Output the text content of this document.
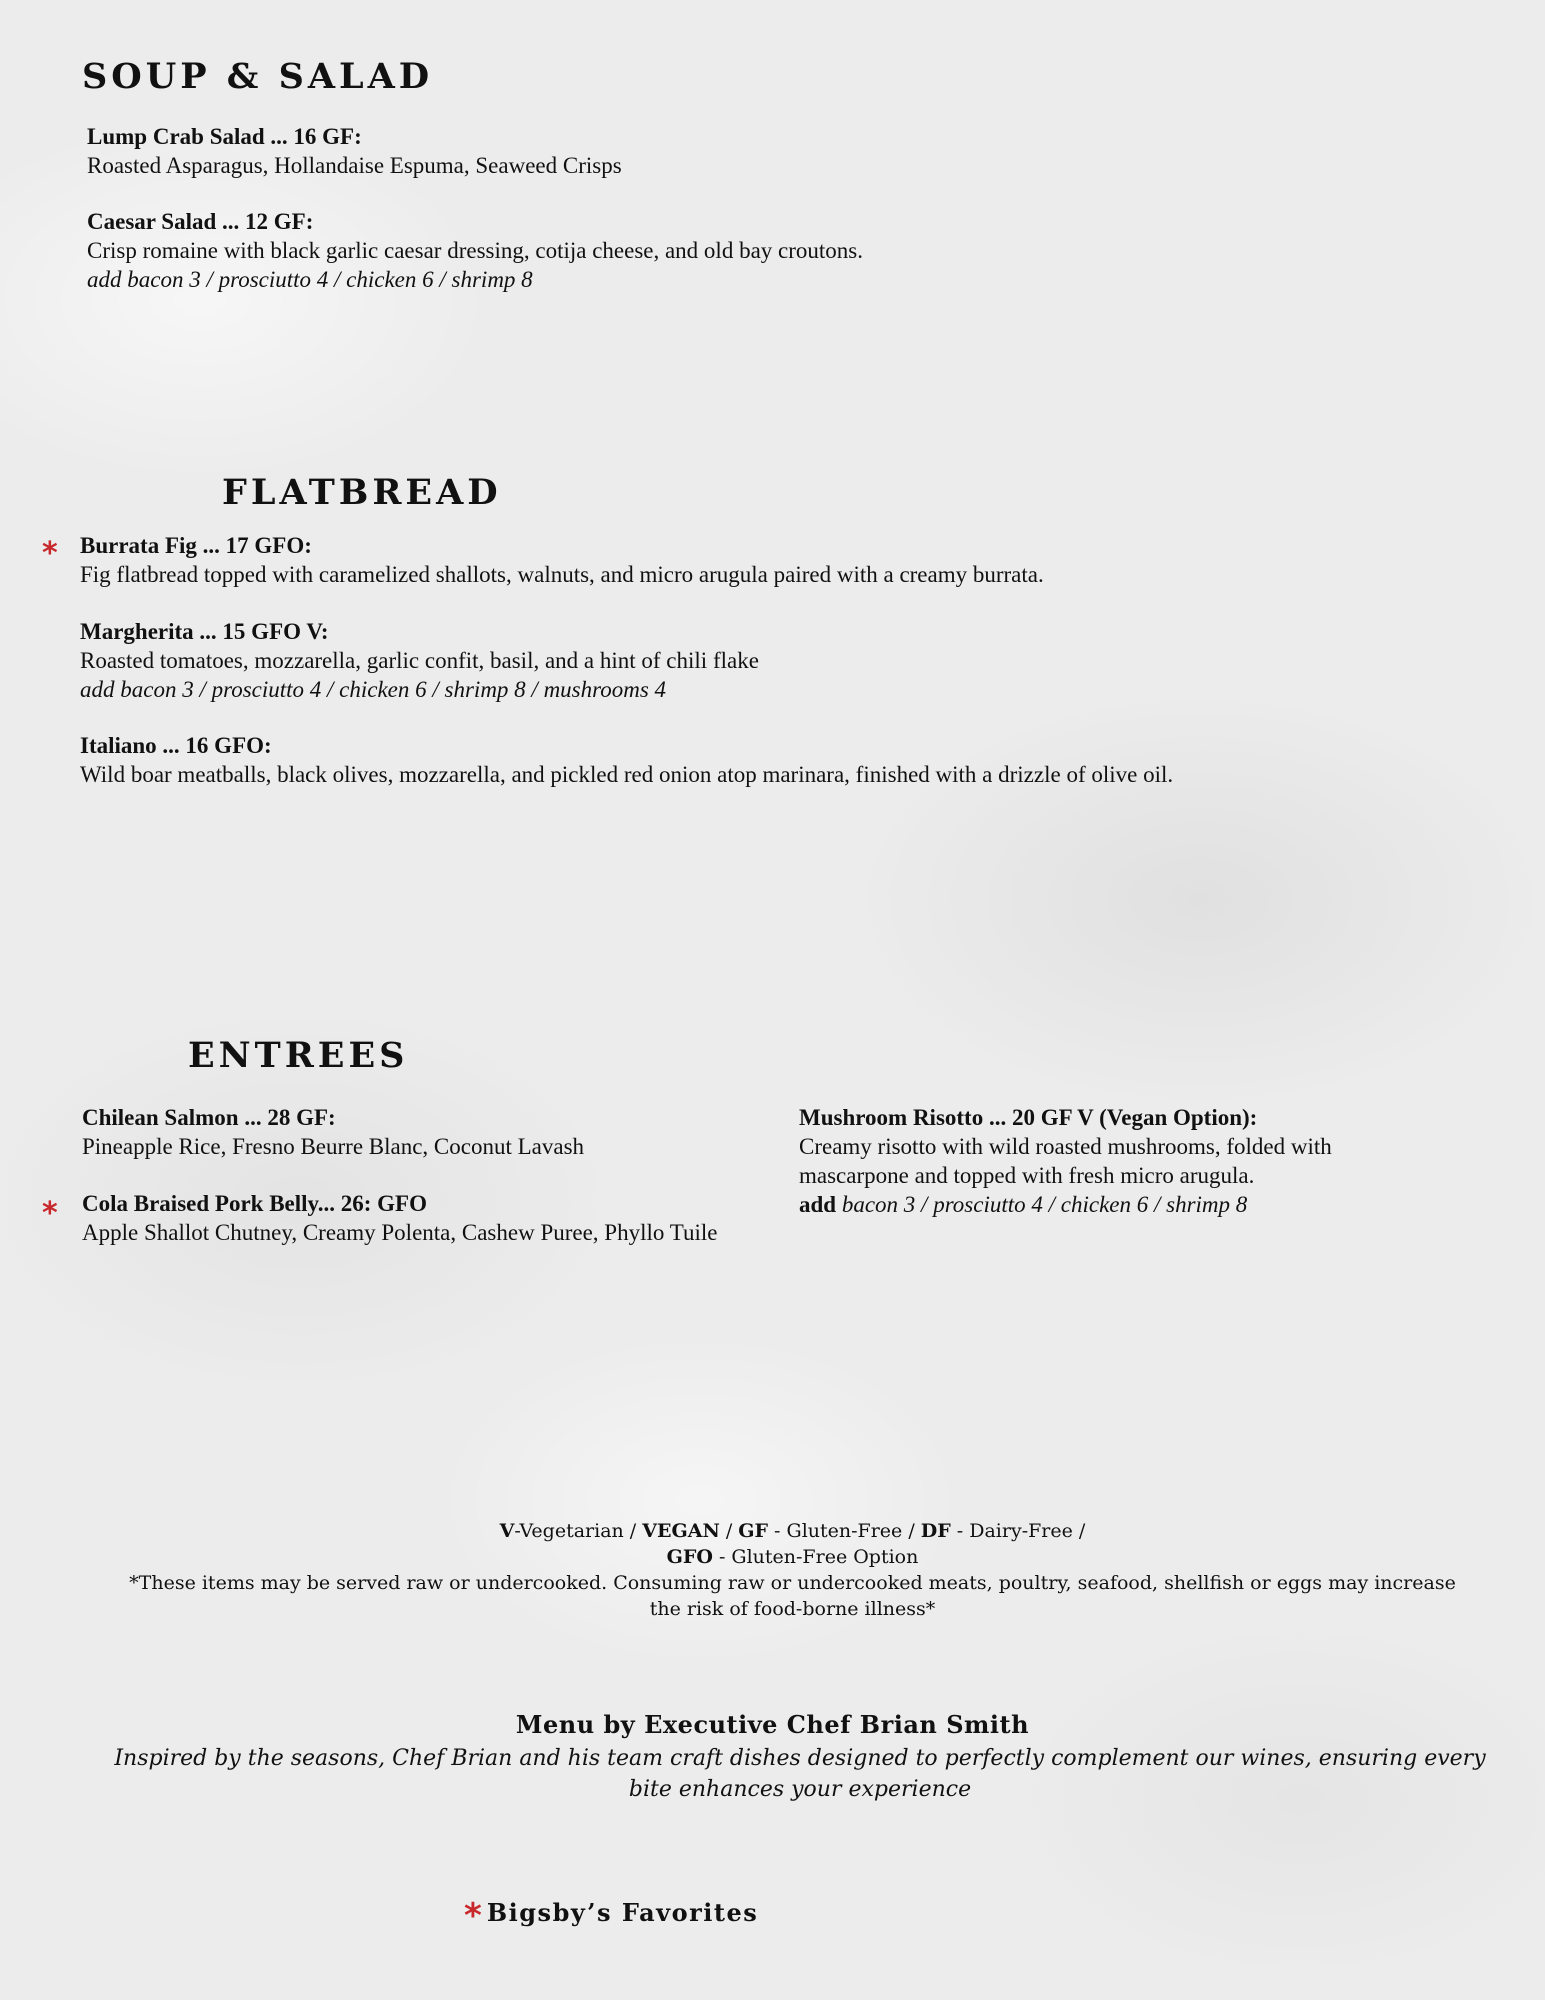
SOUP & SALAD
Lump Crab Salad ... 16 GF:
Roasted Asparagus, Hollandaise Espuma, Seaweed Crisps
Caesar Salad ... 12 GF:
Crisp romaine with black garlic caesar dressing, cotija cheese, and old bay croutons.
add bacon 3 / prosciutto 4 / chicken 6 / shrimp 8
FLATBREAD
* Burrata Fig ... 17 GFO:
Fig flatbread topped with caramelized shallots, walnuts, and micro arugula paired with a creamy burrata.
Margherita ... 15 GFO V:
Roasted tomatoes, mozzarella, garlic confit, basil, and a hint of chili flake
add bacon 3 / prosciutto 4 / chicken 6 / shrimp 8 / mushrooms 4
Italiano ... 16 GFO:
Wild boar meatballs, black olives, mozzarella, and pickled red onion atop marinara, finished with a drizzle of olive oil.
ENTREES
Chilean Salmon ... 28 GF:
Pineapple Rice, Fresno Beurre Blanc, Coconut Lavash
* Cola Braised Pork Belly... 26: GFO
Apple Shallot Chutney, Creamy Polenta, Cashew Puree, Phyllo Tuile
Mushroom Risotto ... 20 GF V (Vegan Option):
Creamy risotto with wild roasted mushrooms, folded with mascarpone and topped with fresh micro arugula.
add bacon 3 / prosciutto 4 / chicken 6 / shrimp 8
V-Vegetarian / VEGAN / GF - Gluten-Free / DF - Dairy-Free /
GFO - Gluten-Free Option
*These items may be served raw or undercooked. Consuming raw or undercooked meats, poultry, seafood, shellfish or eggs may increase the risk of food-borne illness*
Menu by Executive Chef Brian Smith
Inspired by the seasons, Chef Brian and his team craft dishes designed to perfectly complement our wines, ensuring every bite enhances your experience
* Bigsby’s Favorites
